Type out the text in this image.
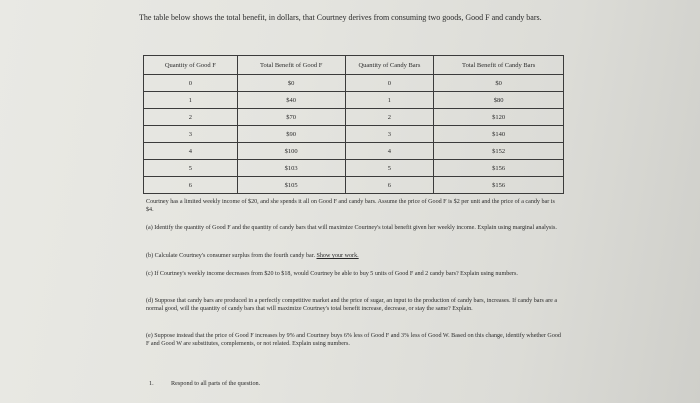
The table below shows the total benefit, in dollars, that Courtney derives from consuming two goods, Good F and candy bars.

Quantity of Good F	Total Benefit of Good F	Quantity of Candy Bars	Total Benefit of Candy Bars
0	$0	0	$0
1	$40	1	$80
2	$70	2	$120
3	$90	3	$140
4	$100	4	$152
5	$103	5	$156
6	$105	6	$156

Courtney has a limited weekly income of $20, and she spends it all on Good F and candy bars. Assume the price of Good F is $2 per unit and the price of a candy bar is $4.

(a) Identify the quantity of Good F and the quantity of candy bars that will maximize Courtney's total benefit given her weekly income. Explain using marginal analysis.

(b) Calculate Courtney's consumer surplus from the fourth candy bar. Show your work.

(c) If Courtney's weekly income decreases from $20 to $18, would Courtney be able to buy 5 units of Good F and 2 candy bars? Explain using numbers.

(d) Suppose that candy bars are produced in a perfectly competitive market and the price of sugar, an input to the production of candy bars, increases. If candy bars are a normal good, will the quantity of candy bars that will maximize Courtney's total benefit increase, decrease, or stay the same? Explain.

(e) Suppose instead that the price of Good F increases by 9% and Courtney buys 6% less of Good F and 3% less of Good W. Based on this change, identify whether Good F and Good W are substitutes, complements, or not related. Explain using numbers.

1.	Respond to all parts of the question.
